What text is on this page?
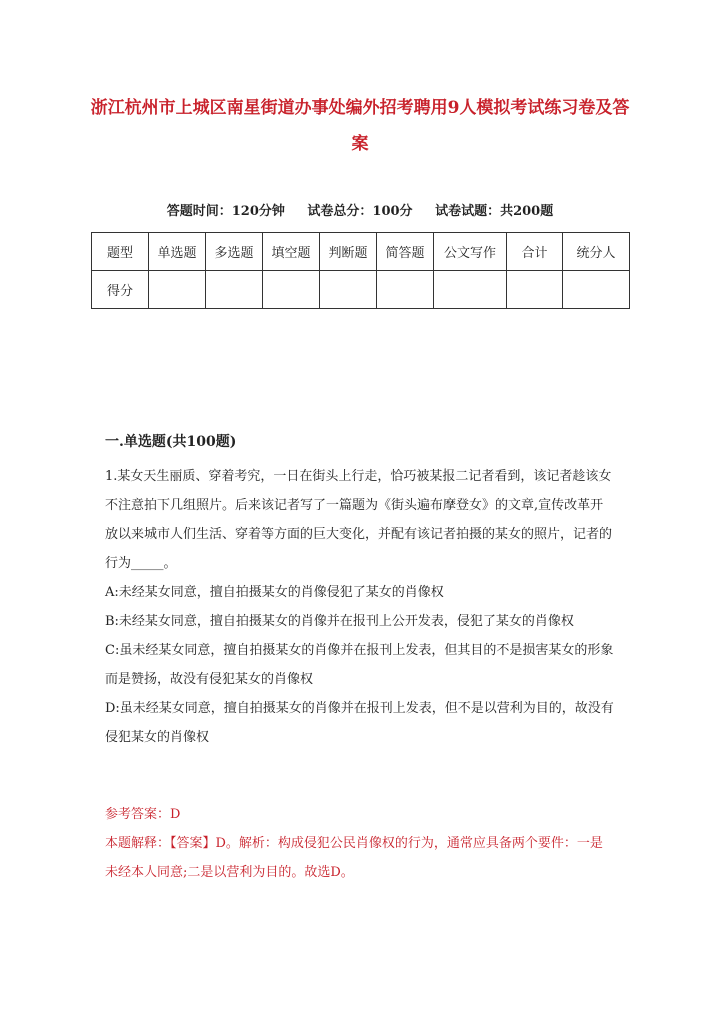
浙江杭州市上城区南星街道办事处编外招考聘用9人模拟考试练习卷及答案
答题时间：120分钟 试卷总分：100分 试卷试题：共200题
题型	单选题	多选题	填空题	判断题	简答题	公文写作	合计	统分人
得分								
一.单选题(共100题)

1.某女天生丽质、穿着考究，一日在街头上行走，恰巧被某报二记者看到，该记者趁该女不注意拍下几组照片。后来该记者写了一篇题为《街头遍布摩登女》的文章,宣传改革开放以来城市人们生活、穿着等方面的巨大变化，并配有该记者拍摄的某女的照片，记者的行为_____。

A:未经某女同意，擅自拍摄某女的肖像侵犯了某女的肖像权

B:未经某女同意，擅自拍摄某女的肖像并在报刊上公开发表，侵犯了某女的肖像权

C:虽未经某女同意，擅自拍摄某女的肖像并在报刊上发表，但其目的不是损害某女的形象而是赞扬，故没有侵犯某女的肖像权

D:虽未经某女同意，擅自拍摄某女的肖像并在报刊上发表，但不是以营利为目的，故没有侵犯某女的肖像权

参考答案：D

本题解释：【答案】D。解析：构成侵犯公民肖像权的行为，通常应具备两个要件：一是未经本人同意;二是以营利为目的。故选D。
